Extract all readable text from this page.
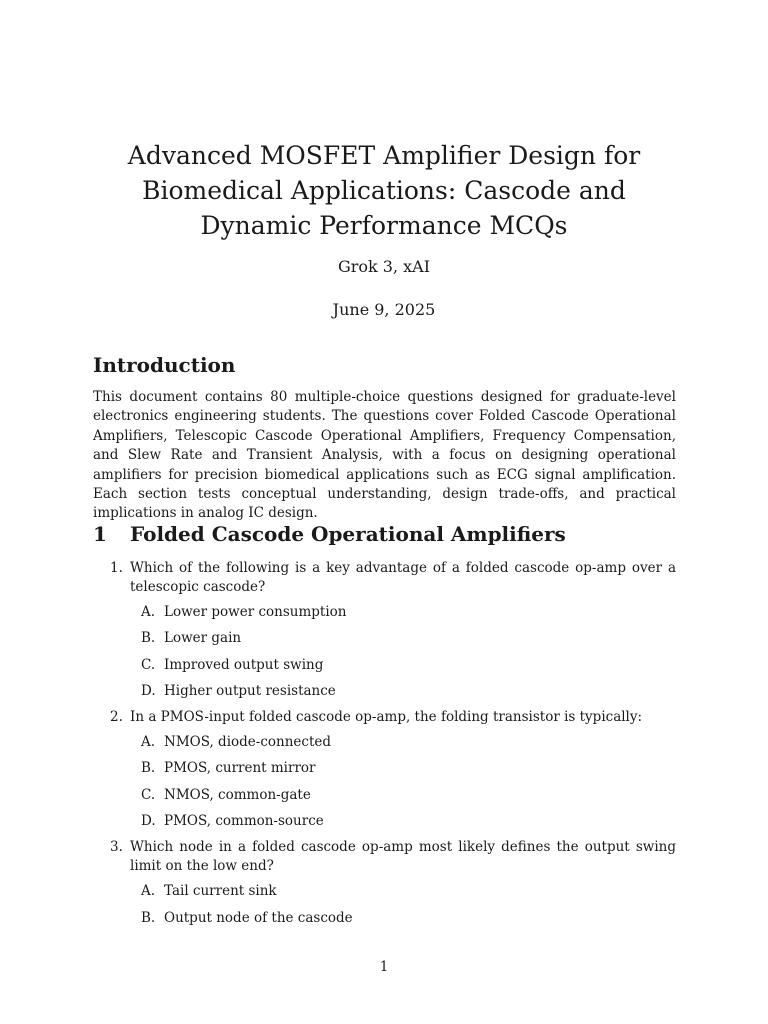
Advanced MOSFET Amplifier Design for Biomedical Applications: Cascode and Dynamic Performance MCQs
Grok 3, xAI
June 9, 2025
Introduction

This document contains 80 multiple-choice questions designed for graduate-level electronics engineering students. The questions cover Folded Cascode Operational Amplifiers, Telescopic Cascode Operational Amplifiers, Frequency Compensation, and Slew Rate and Transient Analysis, with a focus on designing operational amplifiers for precision biomedical applications such as ECG signal amplification. Each section tests conceptual understanding, design trade-offs, and practical implications in analog IC design.

1	Folded Cascode Operational Amplifiers
1. Which of the following is a key advantage of a folded cascode op-amp over a telescopic cascode?
A. Lower power consumption
B. Lower gain
C. Improved output swing
D. Higher output resistance
2. In a PMOS-input folded cascode op-amp, the folding transistor is typically:
A. NMOS, diode-connected
B. PMOS, current mirror
C. NMOS, common-gate
D. PMOS, common-source
3. Which node in a folded cascode op-amp most likely defines the output swing limit on the low end?
A. Tail current sink
B. Output node of the cascode
1
